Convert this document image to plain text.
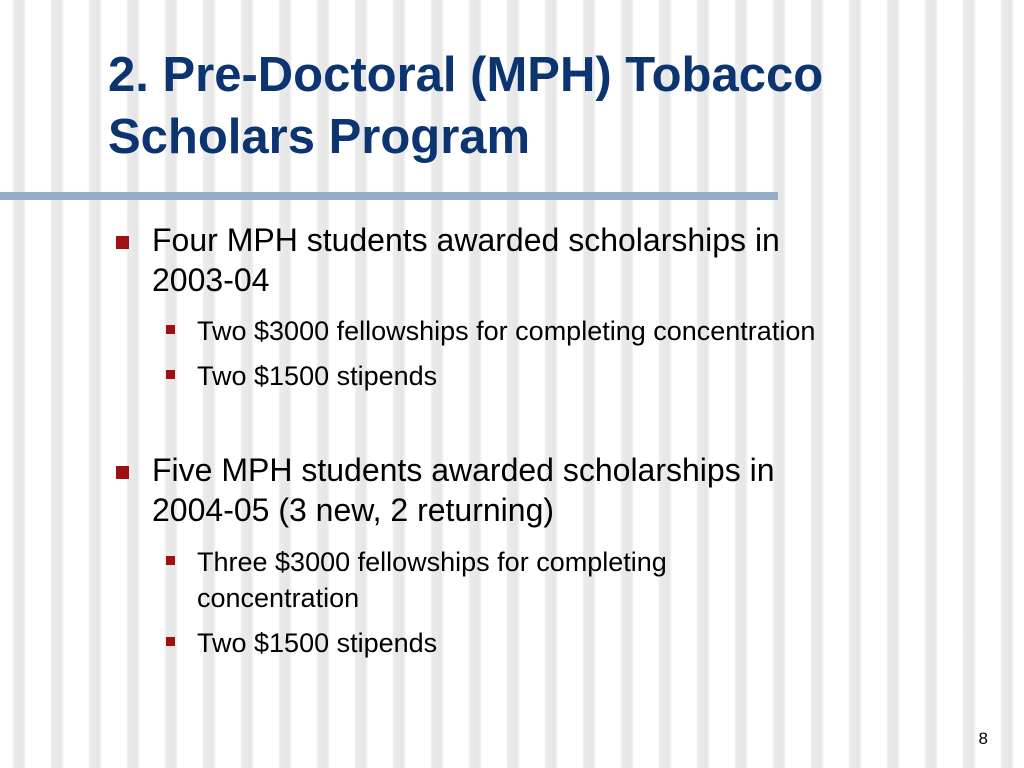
2. Pre-Doctoral (MPH) Tobacco
Scholars Program
Four MPH students awarded scholarships in
2003-04
Two $3000 fellowships for completing concentration
Two $1500 stipends
Five MPH students awarded scholarships in
2004-05 (3 new, 2 returning)
Three $3000 fellowships for completing
concentration
Two $1500 stipends
8
